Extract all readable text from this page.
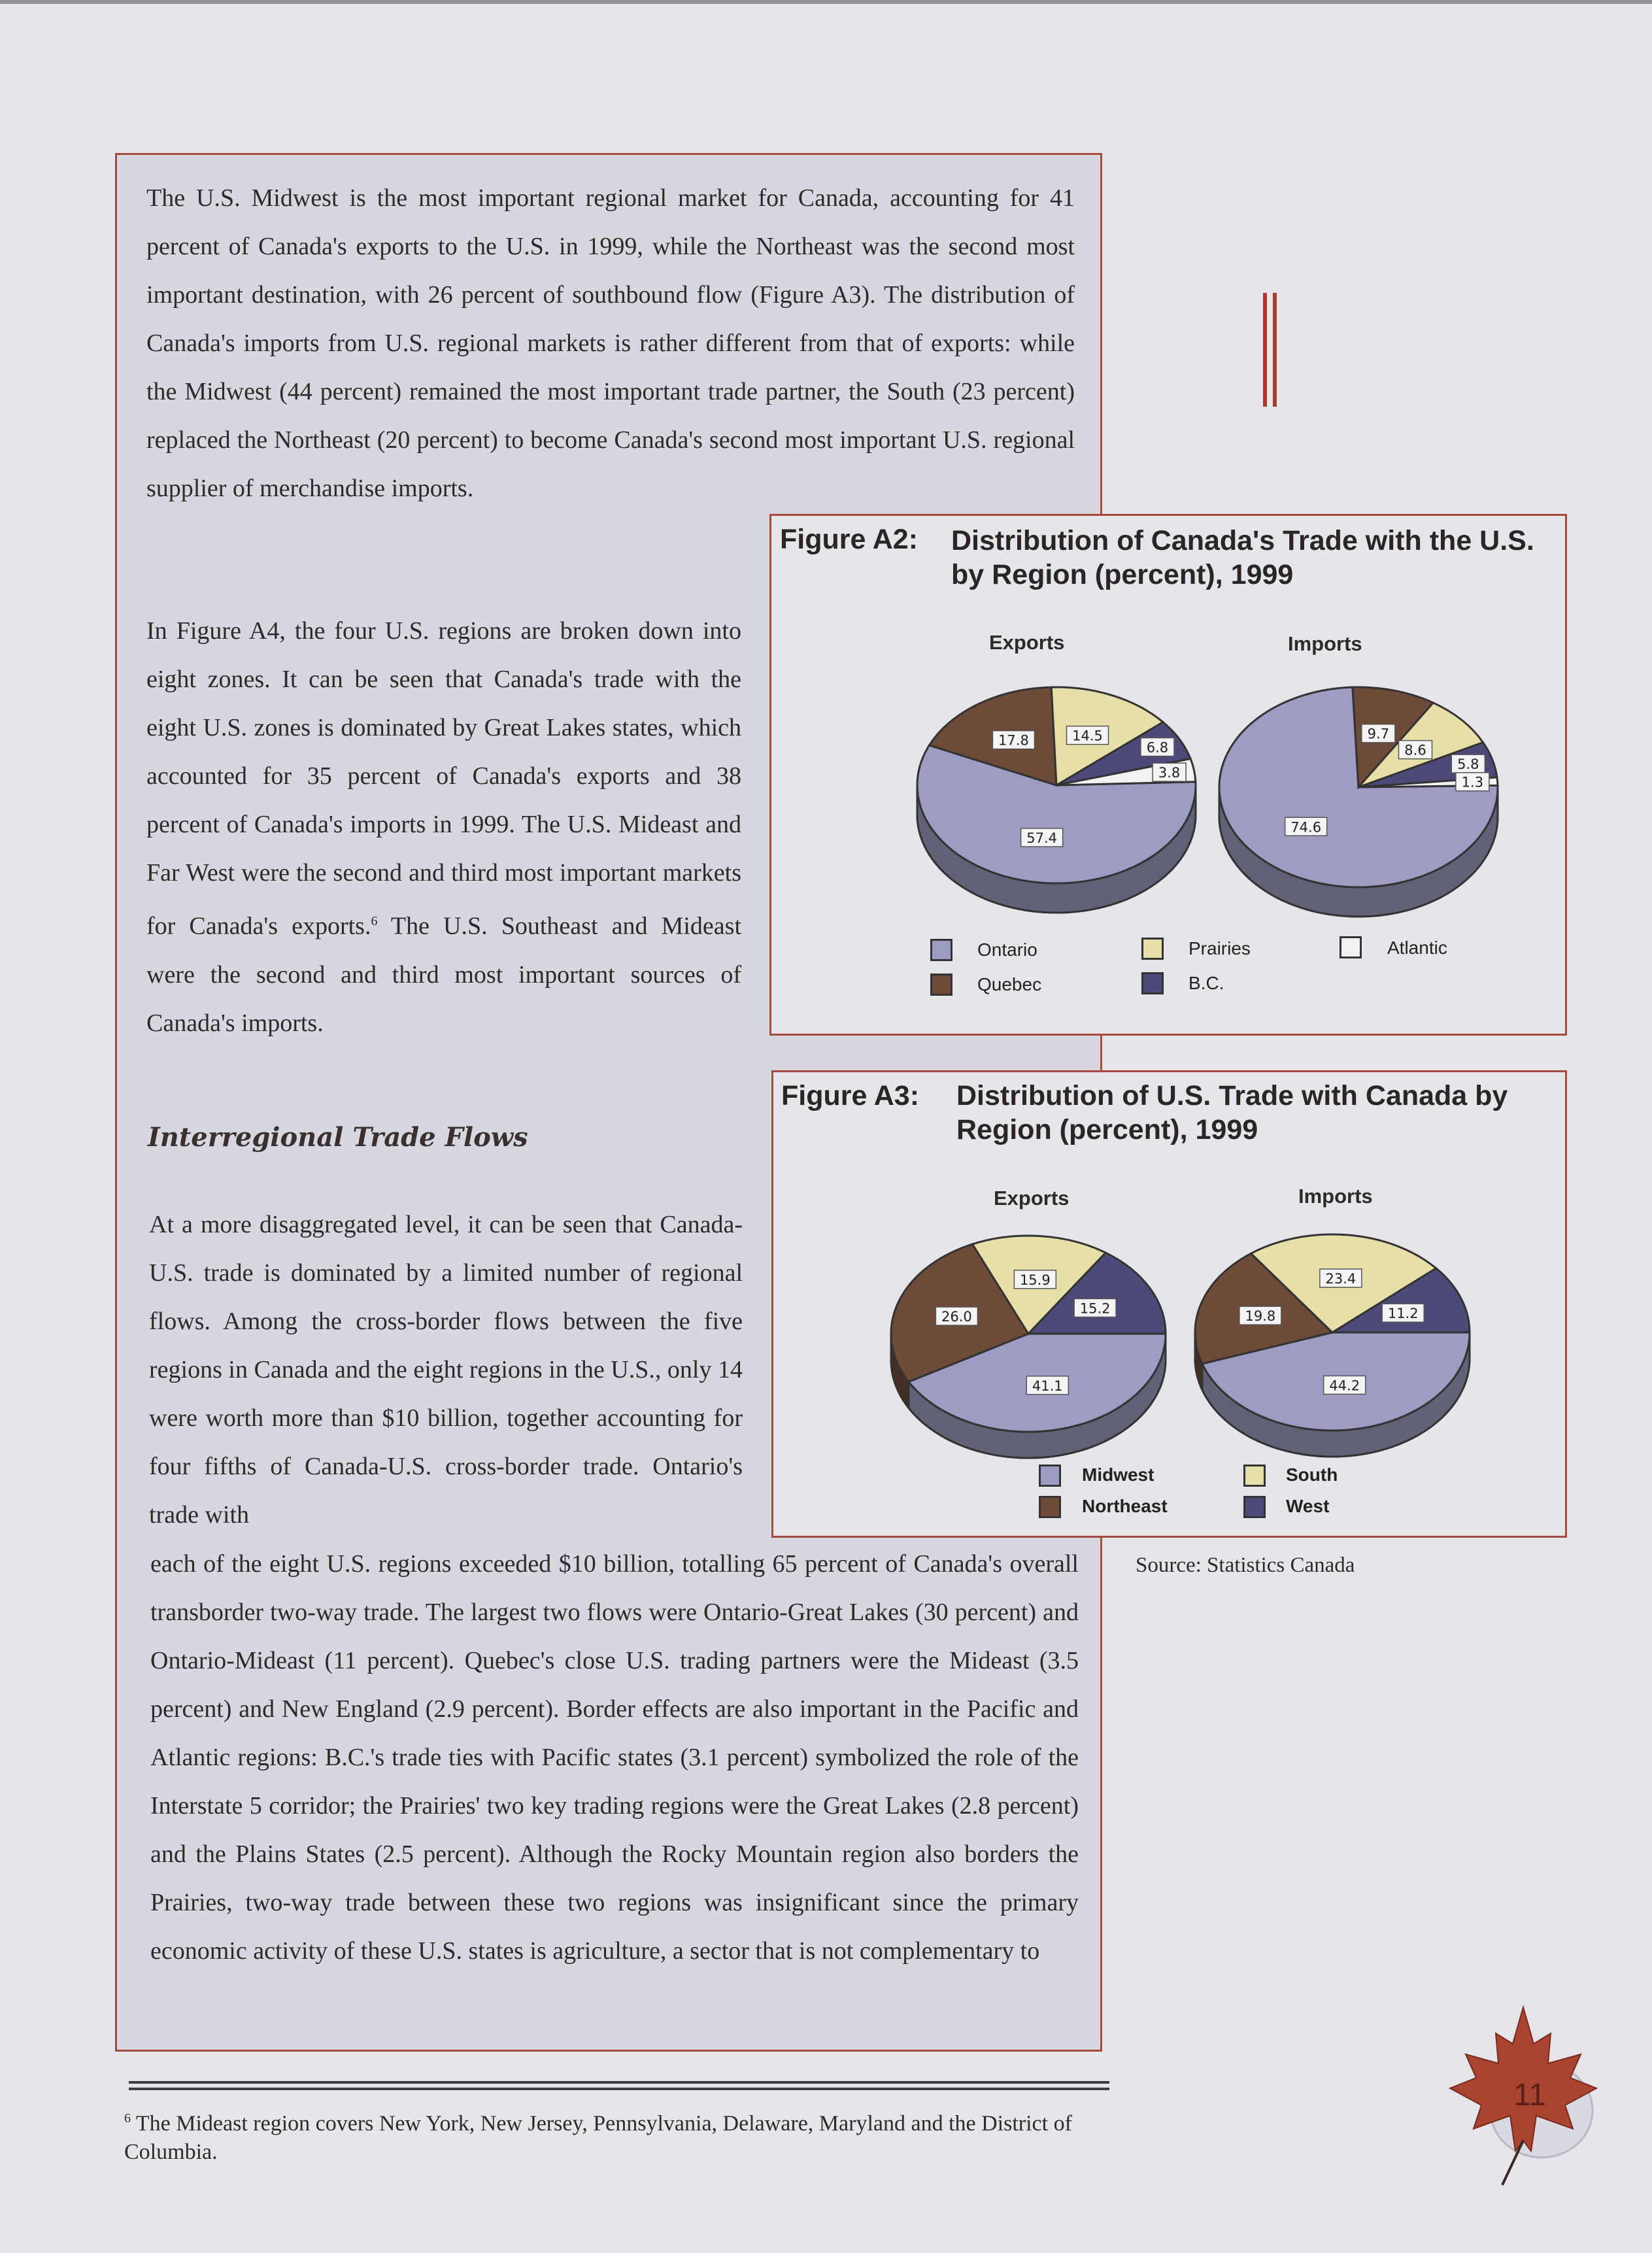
The U.S. Midwest is the most important regional market for Canada, accounting for 41 percent of Canada's exports to the U.S. in 1999, while the Northeast was the second most important destination, with 26 percent of southbound flow (Figure A3). The distribution of Canada's imports from U.S. regional markets is rather different from that of exports: while the Midwest (44 percent) remained the most important trade partner, the South (23 percent) replaced the Northeast (20 percent) to become Canada's second most important U.S. regional supplier of merchandise imports.

In Figure A4, the four U.S. regions are broken down into eight zones. It can be seen that Canada's trade with the eight U.S. zones is dominated by Great Lakes states, which accounted for 35 percent of Canada's exports and 38 percent of Canada's imports in 1999. The U.S. Mideast and Far West were the second and third most important markets for Canada's exports.$^6$ The U.S. Southeast and Mideast were the second and third most important sources of Canada's imports.

Interregional Trade Flows

At a more disaggregated level, it can be seen that Canada-U.S. trade is dominated by a limited number of regional flows. Among the cross-border flows between the five regions in Canada and the eight regions in the U.S., only 14 were worth more than $10 billion, together accounting for four fifths of Canada-U.S. cross-border trade. Ontario's trade with

each of the eight U.S. regions exceeded $10 billion, totalling 65 percent of Canada's overall transborder two-way trade. The largest two flows were Ontario-Great Lakes (30 percent) and Ontario-Mideast (11 percent). Quebec's close U.S. trading partners were the Mideast (3.5 percent) and New England (2.9 percent). Border effects are also important in the Pacific and Atlantic regions: B.C.'s trade ties with Pacific states (3.1 percent) symbolized the role of the Interstate 5 corridor; the Prairies' two key trading regions were the Great Lakes (2.8 percent) and the Plains States (2.5 percent). Although the Rocky Mountain region also borders the Prairies, two-way trade between these two regions was insignificant since the primary economic activity of these U.S. states is agriculture, a sector that is not complementary to

Figure A2: Distribution of Canada's Trade with the U.S. by Region (percent), 1999
Exports	Imports
57.4
17.8	14.5
6.8
3.8
74.6
9.7
8.6
5.8
1.3
Ontario
Quebec
Prairies
B.C.
Atlantic
Figure A3: Distribution of U.S. Trade with Canada by Region (percent), 1999
Exports	Imports
41.1
26.0
15.9
15.2
44.2
19.8
23.4
11.2
Midwest
Northeast
South
West
Source: Statistics Canada
$^6$ The Mideast region covers New York, New Jersey, Pennsylvania, Delaware, Maryland and the District of Columbia.
11
